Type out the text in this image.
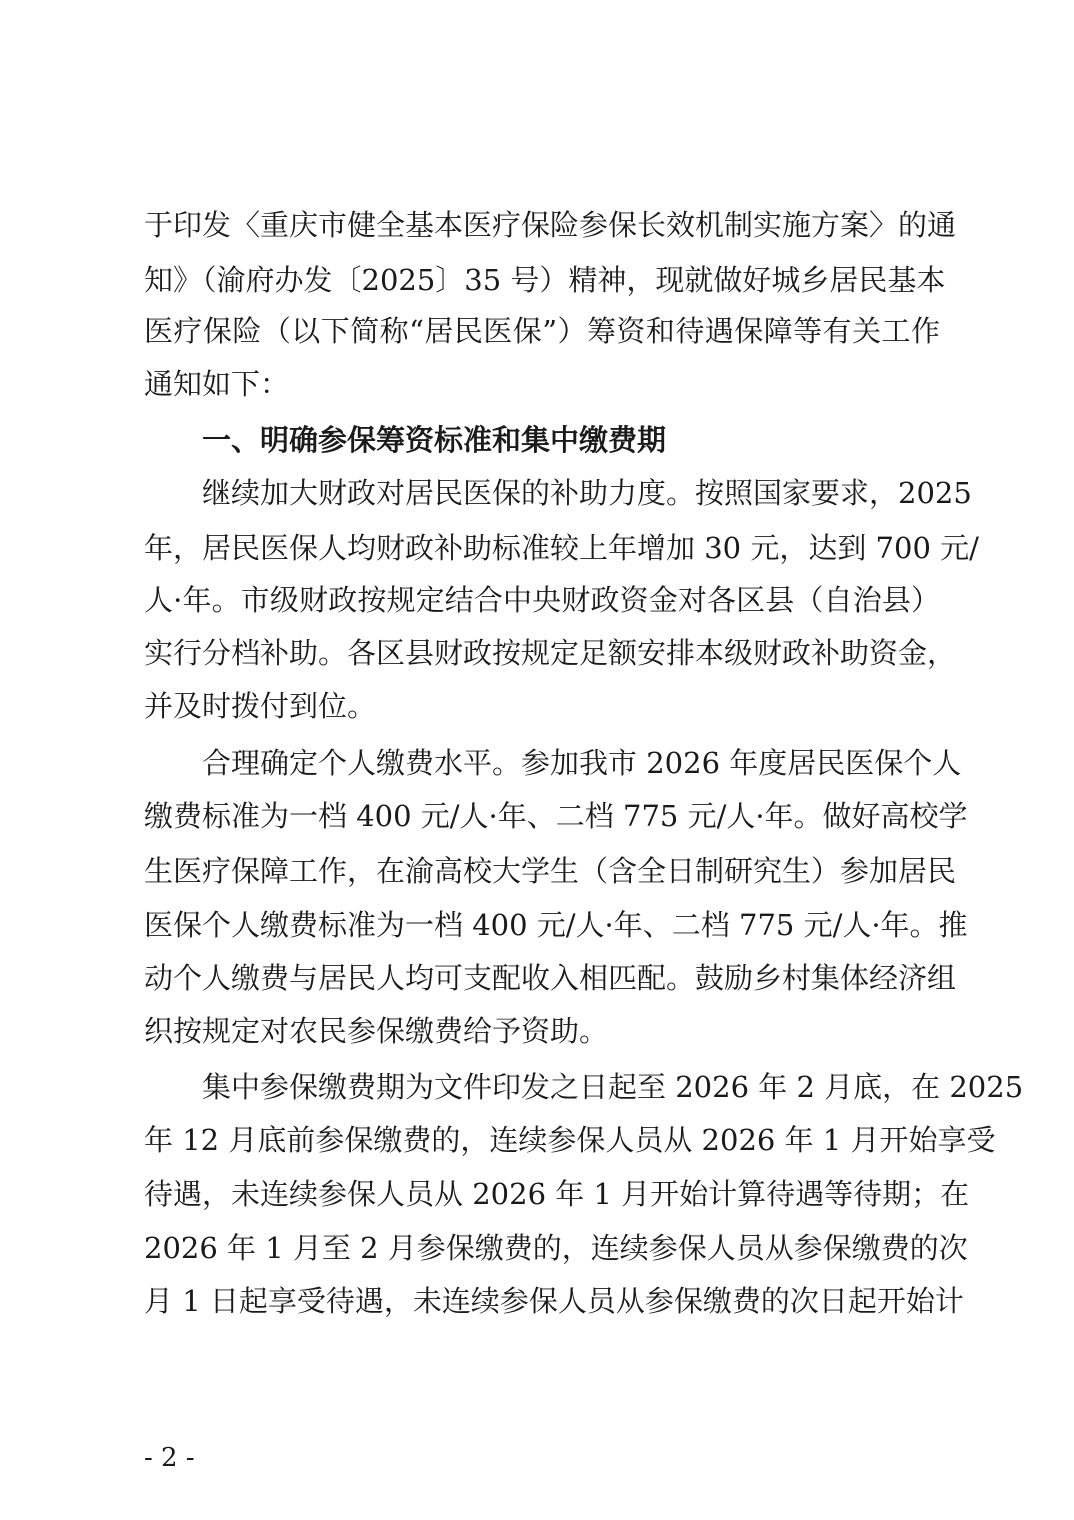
于印发〈重庆市健全基本医疗保险参保长效机制实施方案〉的通
知》（渝府办发〔2025〕35 号）精神，现就做好城乡居民基本
医疗保险（以下简称“居民医保”）筹资和待遇保障等有关工作
通知如下：
一、明确参保筹资标准和集中缴费期
继续加大财政对居民医保的补助力度。按照国家要求，2025
年，居民医保人均财政补助标准较上年增加 30 元，达到 700 元/
人·年。市级财政按规定结合中央财政资金对各区县（自治县）
实行分档补助。各区县财政按规定足额安排本级财政补助资金，
并及时拨付到位。
合理确定个人缴费水平。参加我市 2026 年度居民医保个人
缴费标准为一档 400 元/人·年、二档 775 元/人·年。做好高校学
生医疗保障工作，在渝高校大学生（含全日制研究生）参加居民
医保个人缴费标准为一档 400 元/人·年、二档 775 元/人·年。推
动个人缴费与居民人均可支配收入相匹配。鼓励乡村集体经济组
织按规定对农民参保缴费给予资助。
集中参保缴费期为文件印发之日起至 2026 年 2 月底，在 2025
年 12 月底前参保缴费的，连续参保人员从 2026 年 1 月开始享受
待遇，未连续参保人员从 2026 年 1 月开始计算待遇等待期；在
2026 年 1 月至 2 月参保缴费的，连续参保人员从参保缴费的次
月 1 日起享受待遇，未连续参保人员从参保缴费的次日起开始计
- 2 -
